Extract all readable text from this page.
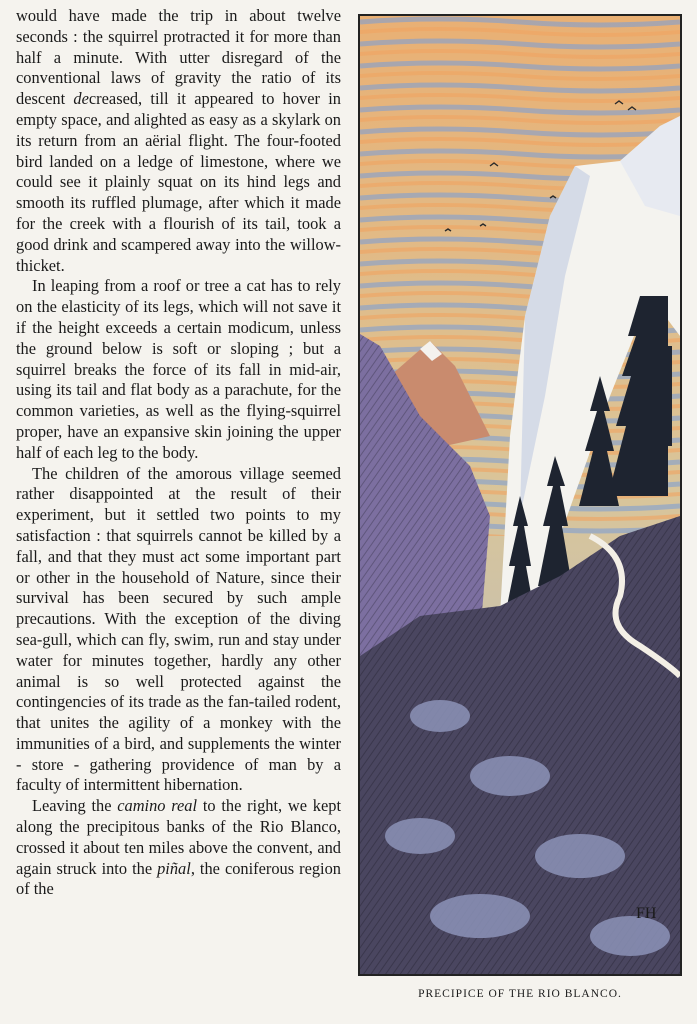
would have made the trip in about twelve seconds : the squirrel protracted it for more than half a minute. With utter disregard of the conventional laws of gravity the ratio of its descent decreased, till it appeared to hover in empty space, and alighted as easy as a skylark on its return from an aërial flight. The four-footed bird landed on a ledge of limestone, where we could see it plainly squat on its hind legs and smooth its ruffled plumage, after which it made for the creek with a flourish of its tail, took a good drink and scampered away into the willow-thicket.

In leaping from a roof or tree a cat has to rely on the elasticity of its legs, which will not save it if the height exceeds a certain modicum, unless the ground below is soft or sloping ; but a squirrel breaks the force of its fall in mid-air, using its tail and flat body as a parachute, for the common varieties, as well as the flying-squirrel proper, have an expansive skin joining the upper half of each leg to the body.

The children of the amorous village seemed rather disappointed at the result of their experiment, but it settled two points to my satisfaction : that squirrels cannot be killed by a fall, and that they must act some important part or other in the household of Nature, since their survival has been secured by such ample precautions. With the exception of the diving sea-gull, which can fly, swim, run and stay under water for minutes together, hardly any other animal is so well protected against the contingencies of its trade as the fan-tailed rodent, that unites the agility of a monkey with the immunities of a bird, and supplements the winter - store - gathering providence of man by a faculty of intermittent hibernation.

Leaving the camino real to the right, we kept along the precipitous banks of the Rio Blanco, crossed it about ten miles above the convent, and again struck into the piñal, the coniferous region of the

FH
PRECIPICE OF THE RIO BLANCO.
